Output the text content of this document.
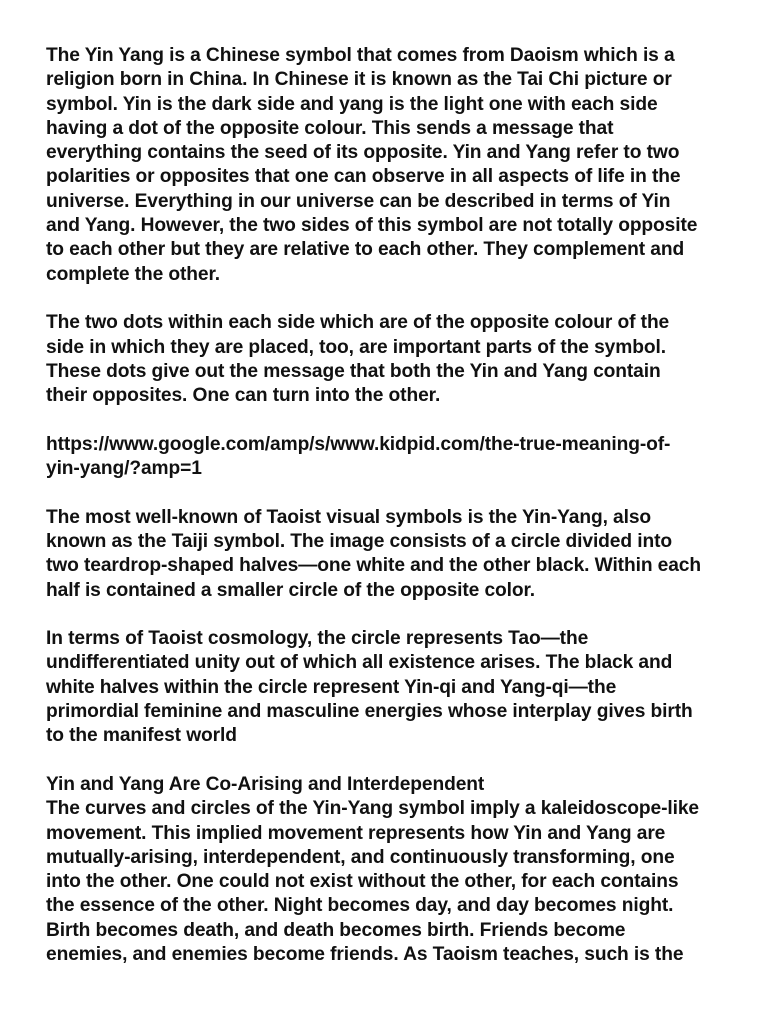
The Yin Yang is a Chinese symbol that comes from Daoism which is a
religion born in China. In Chinese it is known as the Tai Chi picture or
symbol. Yin is the dark side and yang is the light one with each side
having a dot of the opposite colour. This sends a message that
everything contains the seed of its opposite. Yin and Yang refer to two
polarities or opposites that one can observe in all aspects of life in the
universe. Everything in our universe can be described in terms of Yin
and Yang. However, the two sides of this symbol are not totally opposite
to each other but they are relative to each other. They complement and
complete the other.

The two dots within each side which are of the opposite colour of the
side in which they are placed, too, are important parts of the symbol.
These dots give out the message that both the Yin and Yang contain
their opposites. One can turn into the other.

https://www.google.com/amp/s/www.kidpid.com/the-true-meaning-of-
yin-yang/?amp=1

The most well-known of Taoist visual symbols is the Yin-Yang, also
known as the Taiji symbol. The image consists of a circle divided into
two teardrop-shaped halves—one white and the other black. Within each
half is contained a smaller circle of the opposite color.

In terms of Taoist cosmology, the circle represents Tao—the
undifferentiated unity out of which all existence arises. The black and
white halves within the circle represent Yin-qi and Yang-qi—the
primordial feminine and masculine energies whose interplay gives birth
to the manifest world

Yin and Yang Are Co-Arising and Interdependent
The curves and circles of the Yin-Yang symbol imply a kaleidoscope-like
movement. This implied movement represents how Yin and Yang are
mutually-arising, interdependent, and continuously transforming, one
into the other. One could not exist without the other, for each contains
the essence of the other. Night becomes day, and day becomes night.
Birth becomes death, and death becomes birth. Friends become
enemies, and enemies become friends. As Taoism teaches, such is the
